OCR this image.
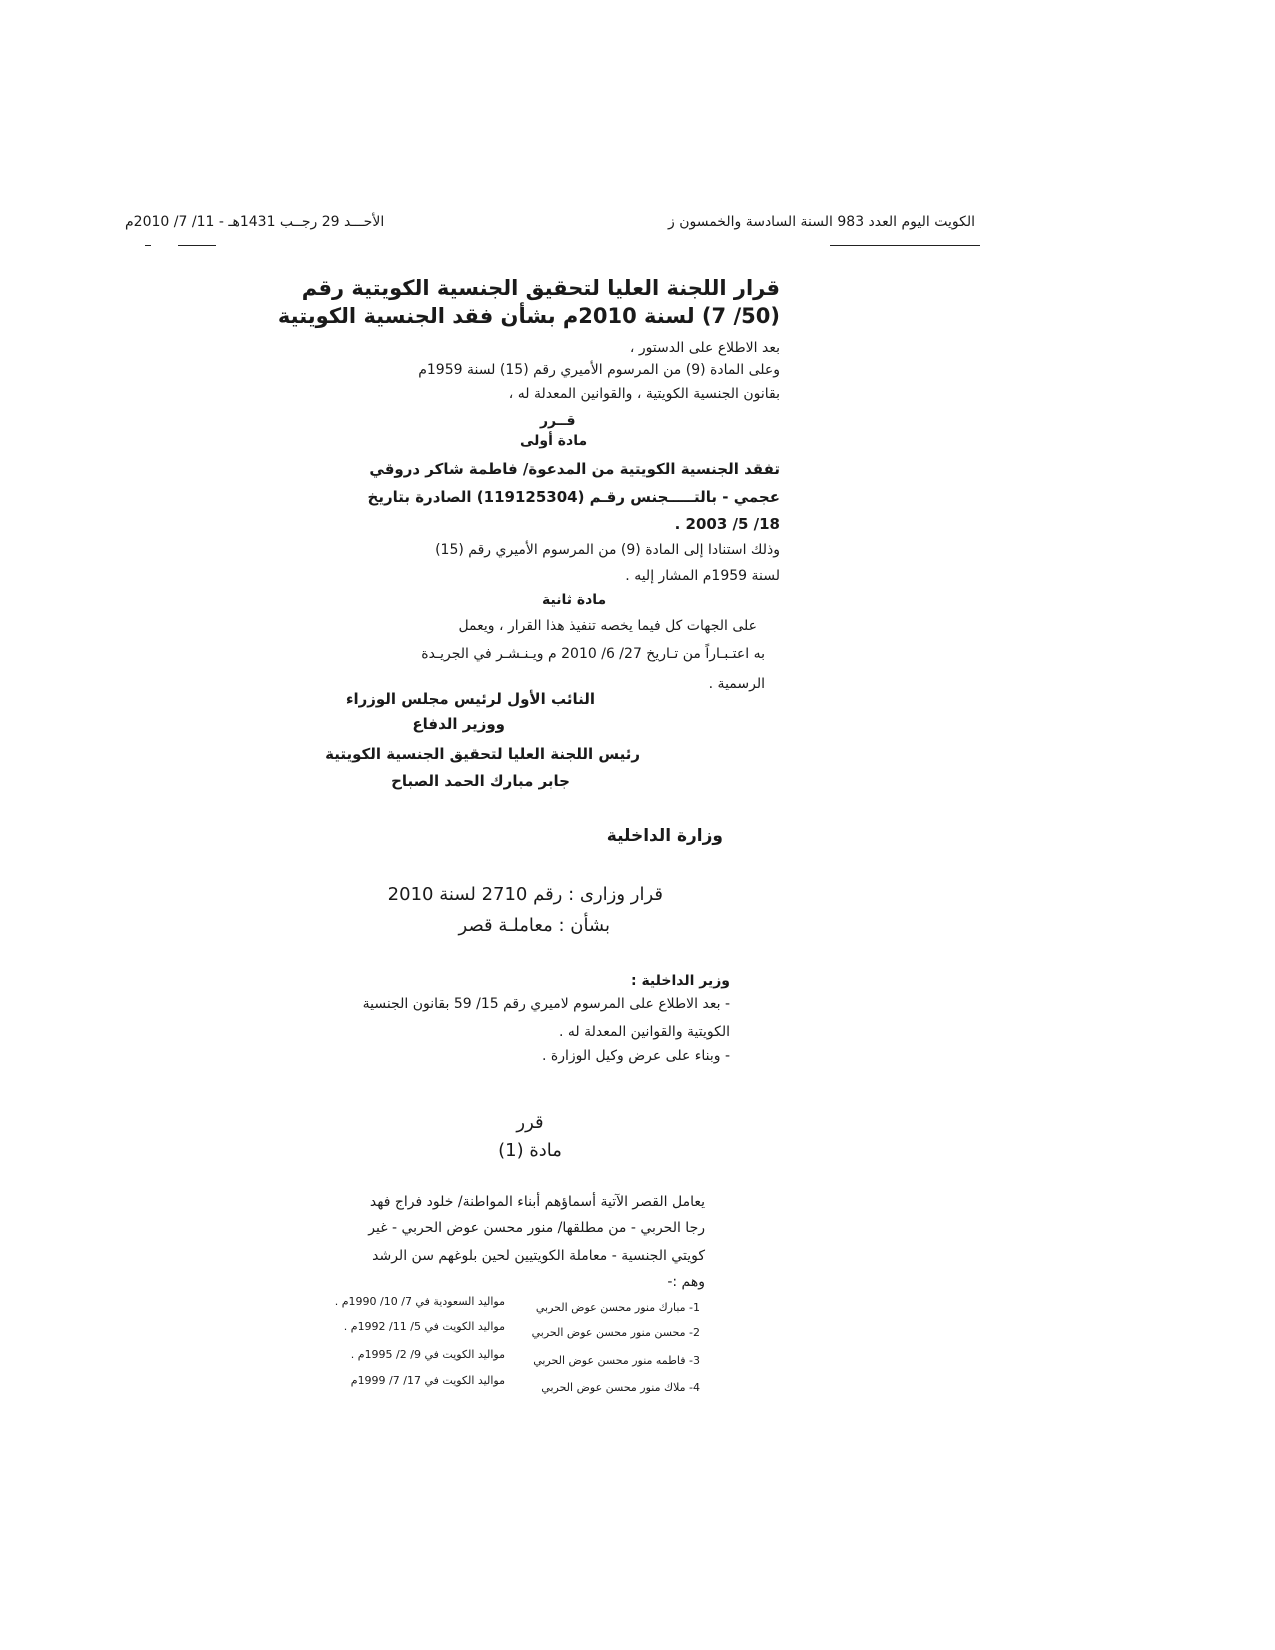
الكويت اليوم العدد 983 السنة السادسة والخمسون ز
الأحـــد 29 رجــب 1431هـ - 11/ 7/ 2010م
قرار اللجنة العليا لتحقيق الجنسية الكويتية رقم
(50/ 7) لسنة 2010م بشأن فقد الجنسية الكويتية
بعد الاطلاع على الدستور ،
وعلى المادة (9) من المرسوم الأميري رقم (15) لسنة 1959م
بقانون الجنسية الكويتية ، والقوانين المعدلة له ،
قــرر
مادة أولى
تفقد الجنسية الكويتية من المدعوة/ فاطمة شاكر دروقي
عجمي - بالتـــــجنس رقـم (119125304) الصادرة بتاريخ
18/ 5/ 2003 .
وذلك استنادا إلى المادة (9) من المرسوم الأميري رقم (15)
لسنة 1959م المشار إليه .
مادة ثانية
على الجهات كل فيما يخصه تنفيذ هذا القرار ، ويعمل
به اعتـبـاراً من تـاريخ 27/ 6/ 2010 م ويـنـشـر في الجريـدة
الرسمية .
النائب الأول لرئيس مجلس الوزراء
ووزير الدفاع
رئيس اللجنة العليا لتحقيق الجنسية الكويتية
جابر مبارك الحمد الصباح
وزارة الداخلية
قرار وزارى : رقم 2710 لسنة 2010
بشأن : معاملـة قصر
وزير الداخلية :
- بعد الاطلاع على المرسوم لاميري رقم 15/ 59 بقانون الجنسية
الكويتية والقوانين المعدلة له .
- وبناء على عرض وكيل الوزارة .
قرر
مادة (1)
يعامل القصر الآتية أسماؤهم أبناء المواطنة/ خلود فراج فهد
رجا الحربي - من مطلقها/ منور محسن عوض الحربي - غير
كويتي الجنسية - معاملة الكويتيين لحين بلوغهم سن الرشد
وهم :-
1- مبارك منور محسن عوض الحربي
مواليد السعودية في 7/ 10/ 1990م .
2- محسن منور محسن عوض الحربي
مواليد الكويت في 5/ 11/ 1992م .
3- فاطمه منور محسن عوض الحربي
مواليد الكويت في 9/ 2/ 1995م .
4- ملاك منور محسن عوض الحربي
مواليد الكويت في 17/ 7/ 1999م
